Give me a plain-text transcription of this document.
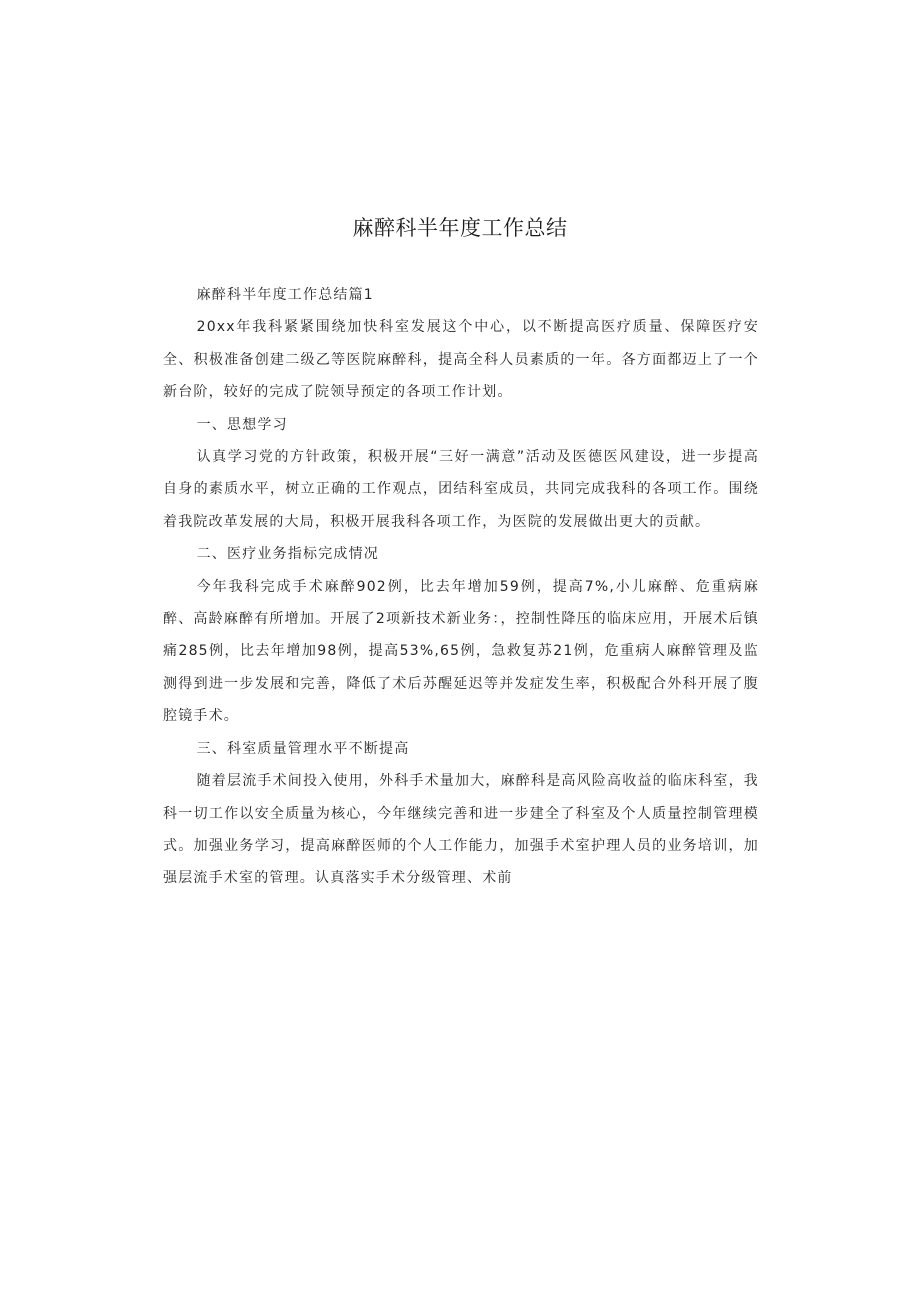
麻醉科半年度工作总结

麻醉科半年度工作总结篇1

20xx年我科紧紧围绕加快科室发展这个中心，以不断提高医疗质量、保障医疗安全、积极准备创建二级乙等医院麻醉科，提高全科人员素质的一年。各方面都迈上了一个新台阶，较好的完成了院领导预定的各项工作计划。

一、思想学习

认真学习党的方针政策，积极开展“三好一满意”活动及医德医风建设，进一步提高自身的素质水平，树立正确的工作观点，团结科室成员，共同完成我科的各项工作。围绕着我院改革发展的大局，积极开展我科各项工作，为医院的发展做出更大的贡献。

二、医疗业务指标完成情况

今年我科完成手术麻醉902例，比去年增加59例，提高7%,小儿麻醉、危重病麻醉、高龄麻醉有所增加。开展了2项新技术新业务：，控制性降压的临床应用，开展术后镇痛285例，比去年增加98例，提高53%,65例，急救复苏21例，危重病人麻醉管理及监测得到进一步发展和完善，降低了术后苏醒延迟等并发症发生率，积极配合外科开展了腹腔镜手术。

三、科室质量管理水平不断提高

随着层流手术间投入使用，外科手术量加大，麻醉科是高风险高收益的临床科室，我科一切工作以安全质量为核心，今年继续完善和进一步建全了科室及个人质量控制管理模式。加强业务学习，提高麻醉医师的个人工作能力，加强手术室护理人员的业务培训，加强层流手术室的管理。认真落实手术分级管理、术前
